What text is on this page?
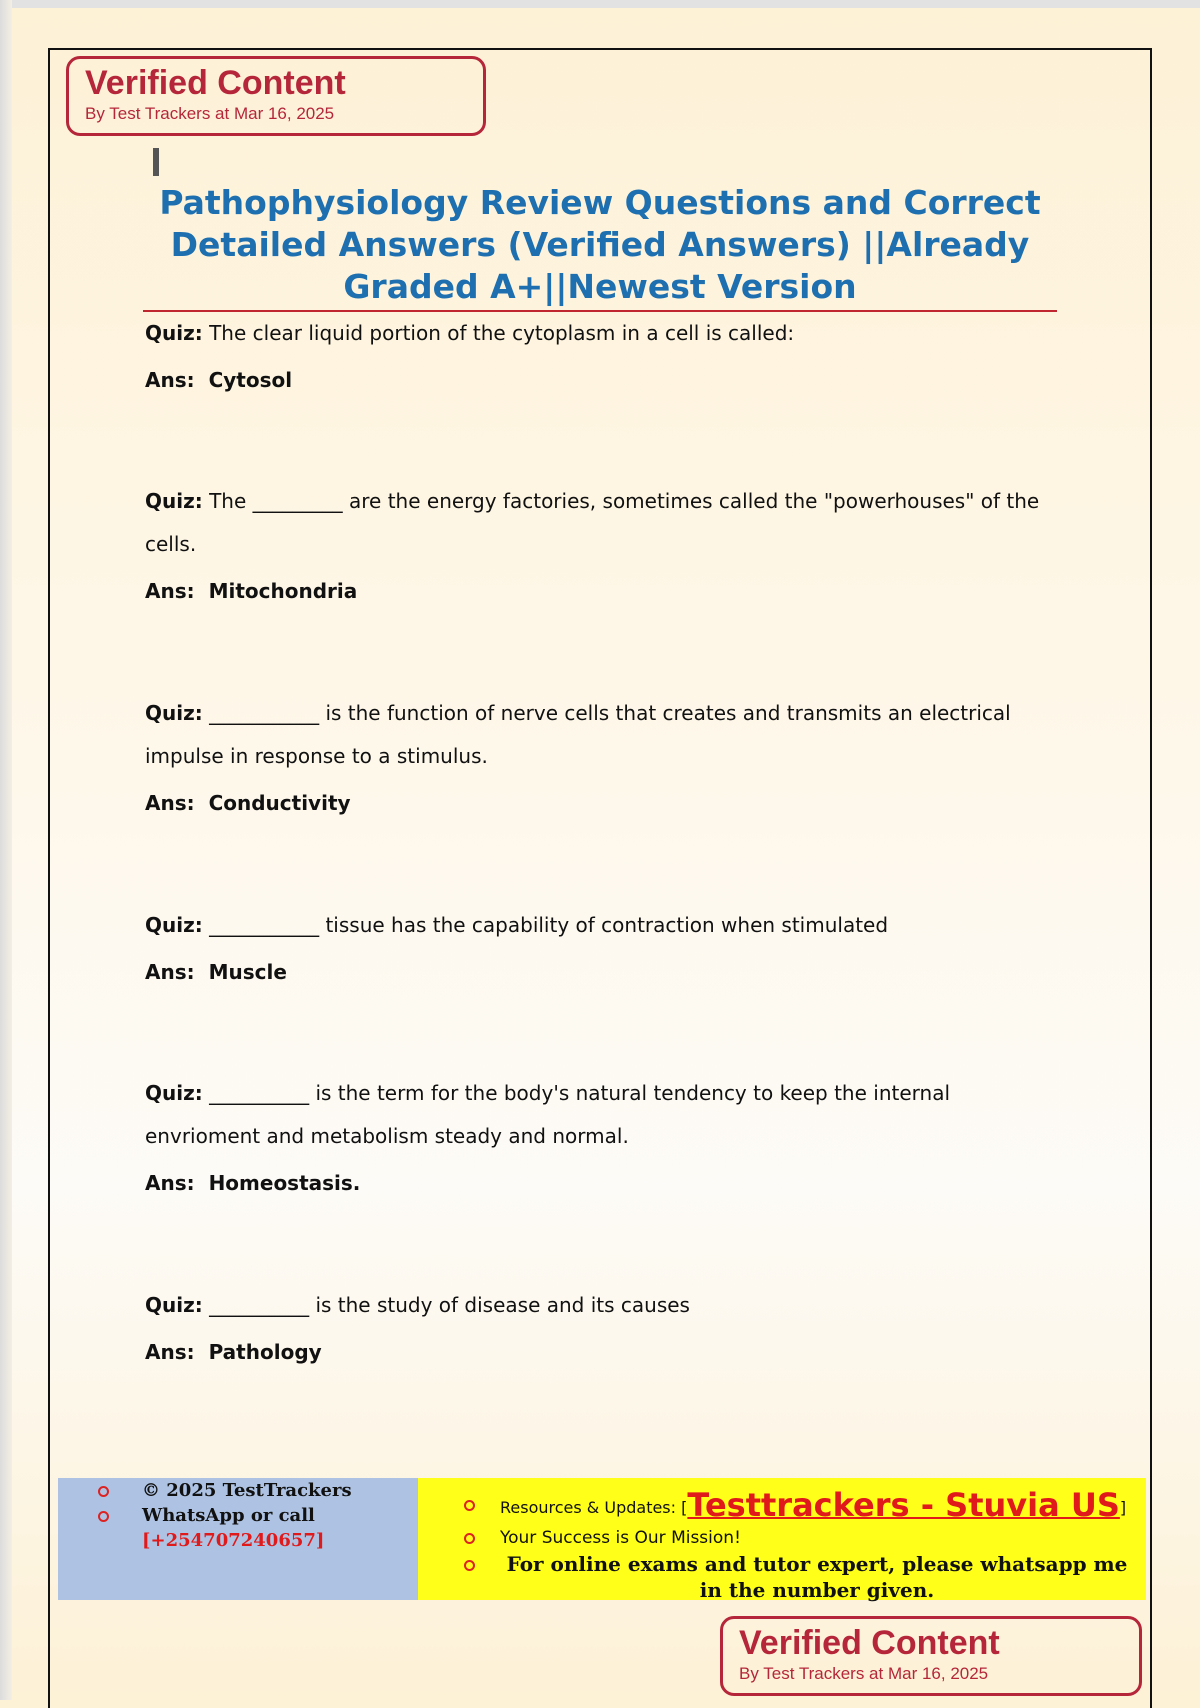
Verified Content
By Test Trackers at Mar 16, 2025
Pathophysiology Review Questions and Correct Detailed Answers (Verified Answers) ||Already Graded A+||Newest Version

Quiz: The clear liquid portion of the cytoplasm in a cell is called:

Ans: Cytosol

Quiz: The _________ are the energy factories, sometimes called the "powerhouses" of the cells.

Ans: Mitochondria

Quiz: ___________ is the function of nerve cells that creates and transmits an electrical impulse in response to a stimulus.

Ans: Conductivity

Quiz: ___________ tissue has the capability of contraction when stimulated

Ans: Muscle

Quiz: __________ is the term for the body's natural tendency to keep the internal envrioment and metabolism steady and normal.

Ans: Homeostasis.

Quiz: __________ is the study of disease and its causes

Ans: Pathology

© 2025 TestTrackers
WhatsApp or call
[+254707240657]
Resources & Updates: [Testtrackers - Stuvia US]
Your Success is Our Mission!
For online exams and tutor expert, please whatsapp me in the number given.
Verified Content
By Test Trackers at Mar 16, 2025
